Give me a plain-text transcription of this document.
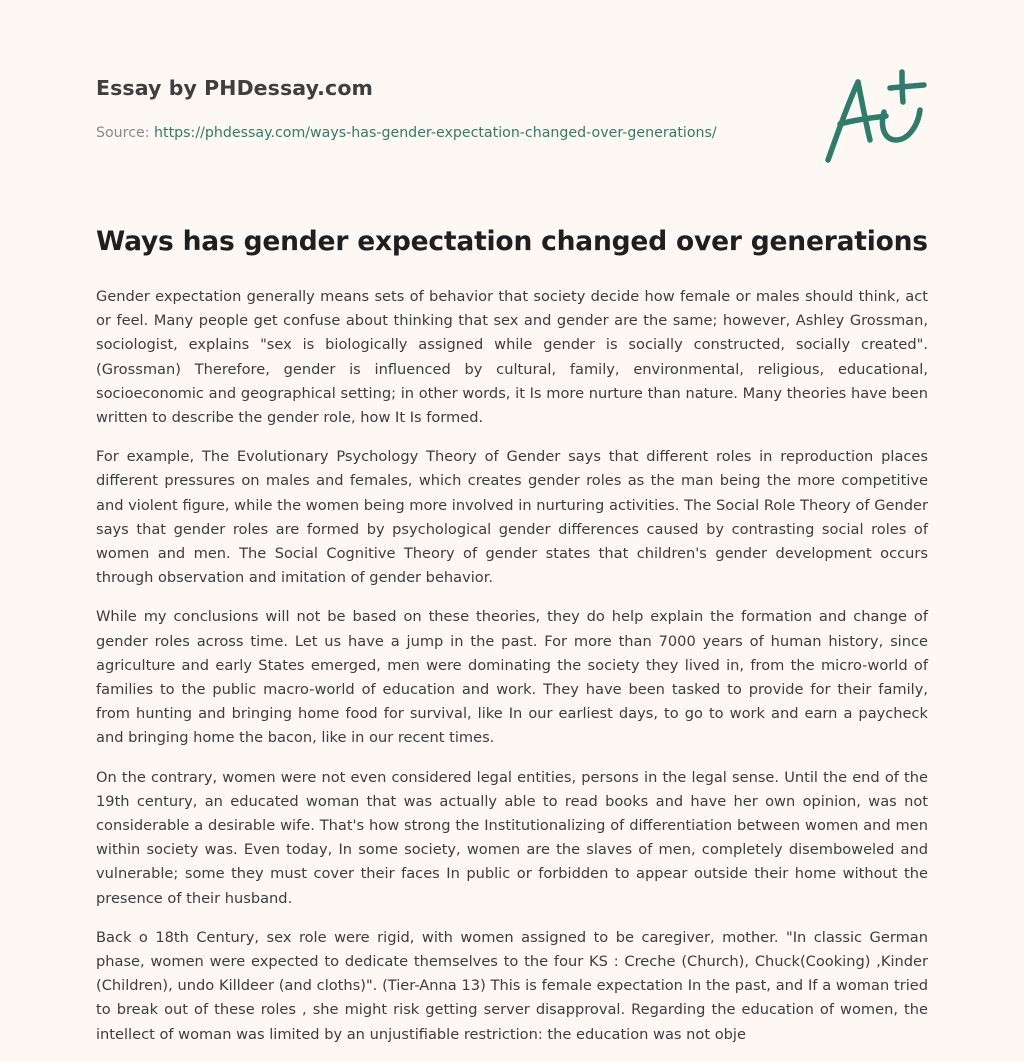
Essay by PHDessay.com
Source: https://phdessay.com/ways-has-gender-expectation-changed-over-generations/
Ways has gender expectation changed over generations

Gender expectation generally means sets of behavior that society decide how female or males should think, act or feel. Many people get confuse about thinking that sex and gender are the same; however, Ashley Grossman, sociologist, explains "sex is biologically assigned while gender is socially constructed, socially created". (Grossman) Therefore, gender is influenced by cultural, family, environmental, religious, educational, socioeconomic and geographical setting; in other words, it Is more nurture than nature. Many theories have been written to describe the gender role, how It Is formed.

For example, The Evolutionary Psychology Theory of Gender says that different roles in reproduction places different pressures on males and females, which creates gender roles as the man being the more competitive and violent figure, while the women being more involved in nurturing activities. The Social Role Theory of Gender says that gender roles are formed by psychological gender differences caused by contrasting social roles of women and men. The Social Cognitive Theory of gender states that children's gender development occurs through observation and imitation of gender behavior.

While my conclusions will not be based on these theories, they do help explain the formation and change of gender roles across time. Let us have a jump in the past. For more than 7000 years of human history, since agriculture and early States emerged, men were dominating the society they lived in, from the micro-world of families to the public macro-world of education and work. They have been tasked to provide for their family, from hunting and bringing home food for survival, like In our earliest days, to go to work and earn a paycheck and bringing home the bacon, like in our recent times.

On the contrary, women were not even considered legal entities, persons in the legal sense. Until the end of the 19th century, an educated woman that was actually able to read books and have her own opinion, was not considerable a desirable wife. That's how strong the Institutionalizing of differentiation between women and men within society was. Even today, In some society, women are the slaves of men, completely disemboweled and vulnerable; some they must cover their faces In public or forbidden to appear outside their home without the presence of their husband.

Back o 18th Century, sex role were rigid, with women assigned to be caregiver, mother. "In classic German phase, women were expected to dedicate themselves to the four KS : Creche (Church), Chuck(Cooking) ,Kinder (Children), undo Killdeer (and cloths)". (Tier-Anna 13) This is female expectation In the past, and If a woman tried to break out of these roles , she might risk getting server disapproval. Regarding the education of women, the intellect of woman was limited by an unjustifiable restriction: the education was not obje
